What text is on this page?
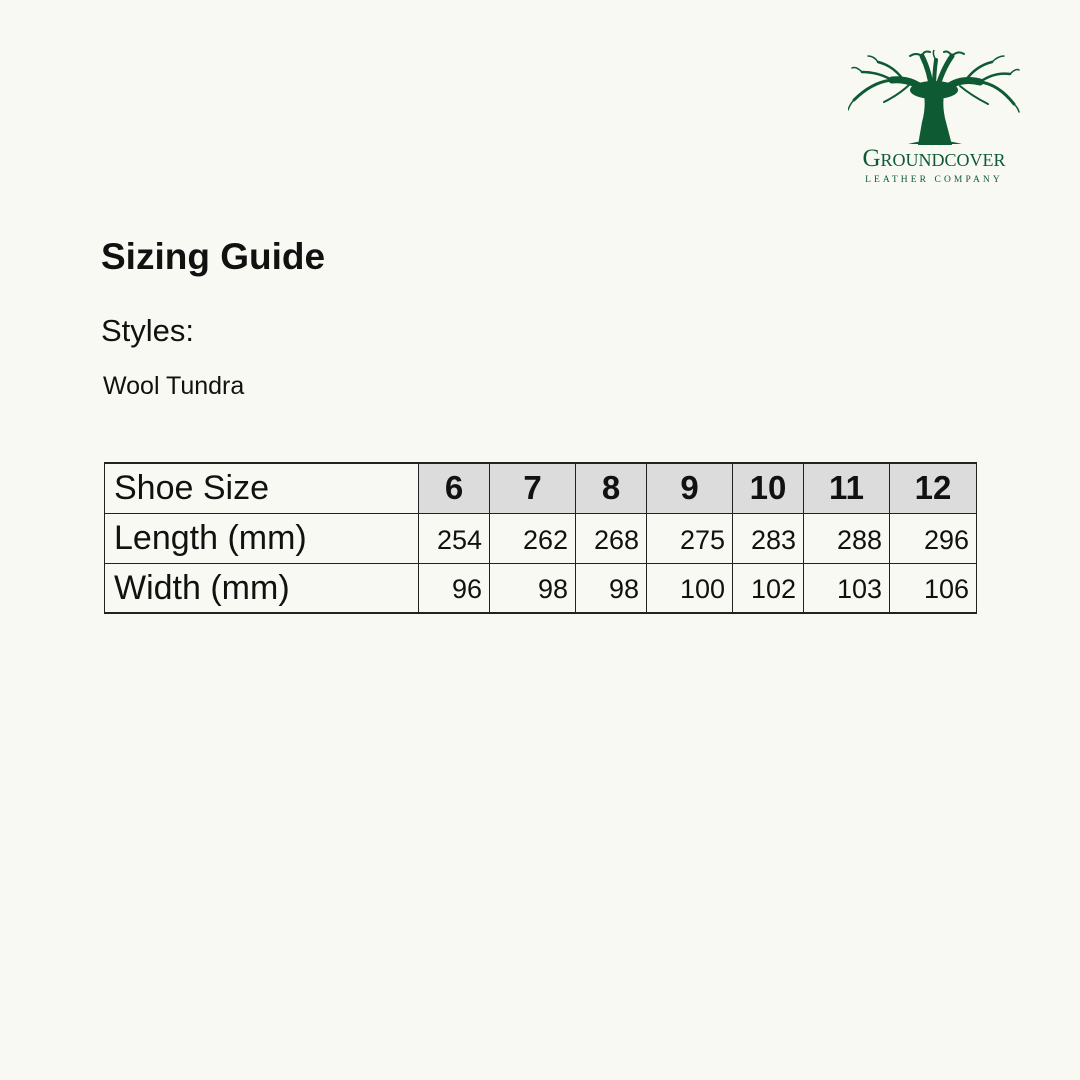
Groundcover
LEATHER COMPANY
Sizing Guide
Styles:
Wool Tundra
Shoe Size	6	7	8	9	10	11	12
Length (mm)	254	262	268	275	283	288	296
Width (mm)	96	98	98	100	102	103	106
